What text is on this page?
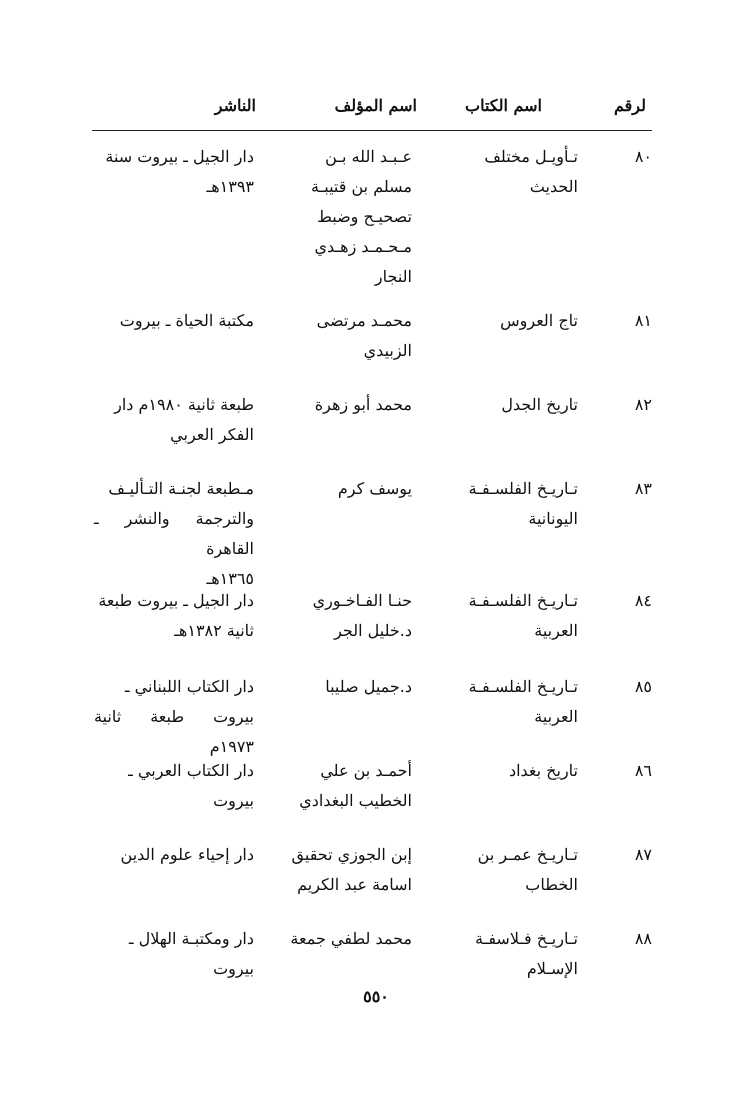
لرقم
اسم الكتاب
اسم المؤلف
الناشر
٨٠
تـأويـل مختلف
الحديث
عـبـد الله بـن
مسلم بن قتيبـة
تصحيـح وضبط
مـحـمـد زهـدي
النجار
دار الجيل ـ بيروت سنة
١٣٩٣هـ
٨١
تاج العروس
محمـد مرتضى
الزبيدي
مكتبة الحياة ـ بيروت
٨٢
تاريخ الجدل
محمد أبو زهرة
طبعة ثانية ١٩٨٠م دار
الفكر العربي
٨٣
تـاريـخ الفلسـفـة
اليونانية
يوسف كرم
مـطبعة لجنـة التـأليـف
والترجمة والنشر ـ القاهرة
١٣٦٥هـ
٨٤
تـاريـخ الفلسـفـة
العربية
حنـا الفـاخـوري
د.خليل الجر
دار الجيل ـ بيروت طبعة
ثانية ١٣٨٢هـ
٨٥
تـاريـخ الفلسـفـة
العربية
د.جميل صليبا
دار الكتاب اللبناني ـ
بيروت طبعة ثانية ١٩٧٣م
٨٦
تاريخ بغداد
أحمـد بن علي
الخطيب البغدادي
دار الكتاب العربي ـ
بيروت
٨٧
تـاريـخ عمـر بن
الخطاب
إبن الجوزي تحقيق
اسامة عبد الكريم
دار إحياء علوم الدين
٨٨
تـاريـخ فـلاسفـة
الإسـلام
محمد لطفي جمعة
دار ومكتبـة الهلال ـ
بيروت
٥٥٠
